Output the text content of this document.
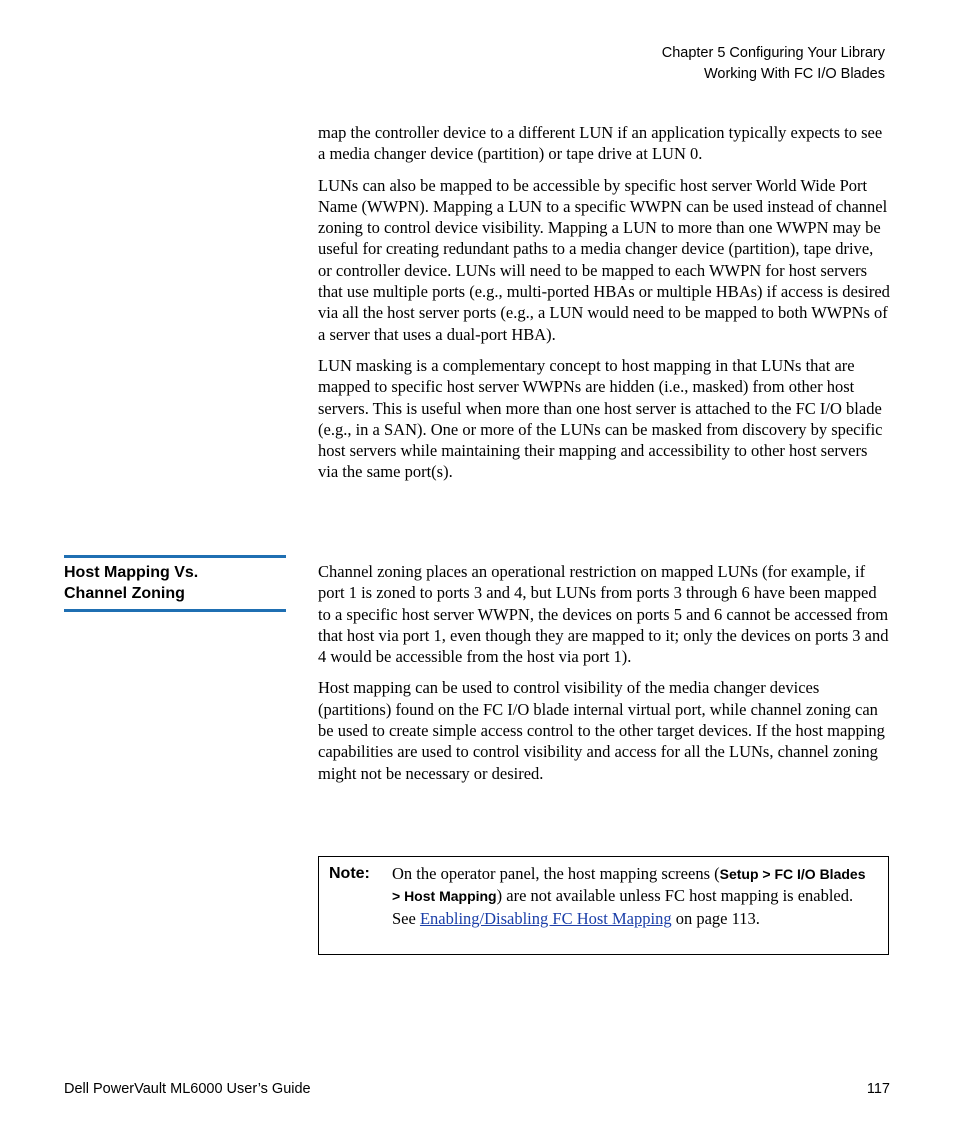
Chapter 5 Configuring Your Library
Working With FC I/O Blades

map the controller device to a different LUN if an application typically expects to see a media changer device (partition) or tape drive at LUN 0.

LUNs can also be mapped to be accessible by specific host server World Wide Port Name (WWPN). Mapping a LUN to a specific WWPN can be used instead of channel zoning to control device visibility. Mapping a LUN to more than one WWPN may be useful for creating redundant paths to a media changer device (partition), tape drive, or controller device. LUNs will need to be mapped to each WWPN for host servers that use multiple ports (e.g., multi-ported HBAs or multiple HBAs) if access is desired via all the host server ports (e.g., a LUN would need to be mapped to both WWPNs of a server that uses a dual-port HBA).

LUN masking is a complementary concept to host mapping in that LUNs that are mapped to specific host server WWPNs are hidden (i.e., masked) from other host servers. This is useful when more than one host server is attached to the FC I/O blade (e.g., in a SAN). One or more of the LUNs can be masked from discovery by specific host servers while maintaining their mapping and accessibility to other host servers via the same port(s).

Host Mapping Vs.
Channel Zoning

Channel zoning places an operational restriction on mapped LUNs (for example, if port 1 is zoned to ports 3 and 4, but LUNs from ports 3 through 6 have been mapped to a specific host server WWPN, the devices on ports 5 and 6 cannot be accessed from that host via port 1, even though they are mapped to it; only the devices on ports 3 and 4 would be accessible from the host via port 1).

Host mapping can be used to control visibility of the media changer devices (partitions) found on the FC I/O blade internal virtual port, while channel zoning can be used to create simple access control to the other target devices. If the host mapping capabilities are used to control visibility and access for all the LUNs, channel zoning might not be necessary or desired.

Note: On the operator panel, the host mapping screens (Setup > FC I/O Blades > Host Mapping) are not available unless FC host mapping is enabled. See Enabling/Disabling FC Host Mapping on page 113.
Dell PowerVault ML6000 User’s Guide	117
